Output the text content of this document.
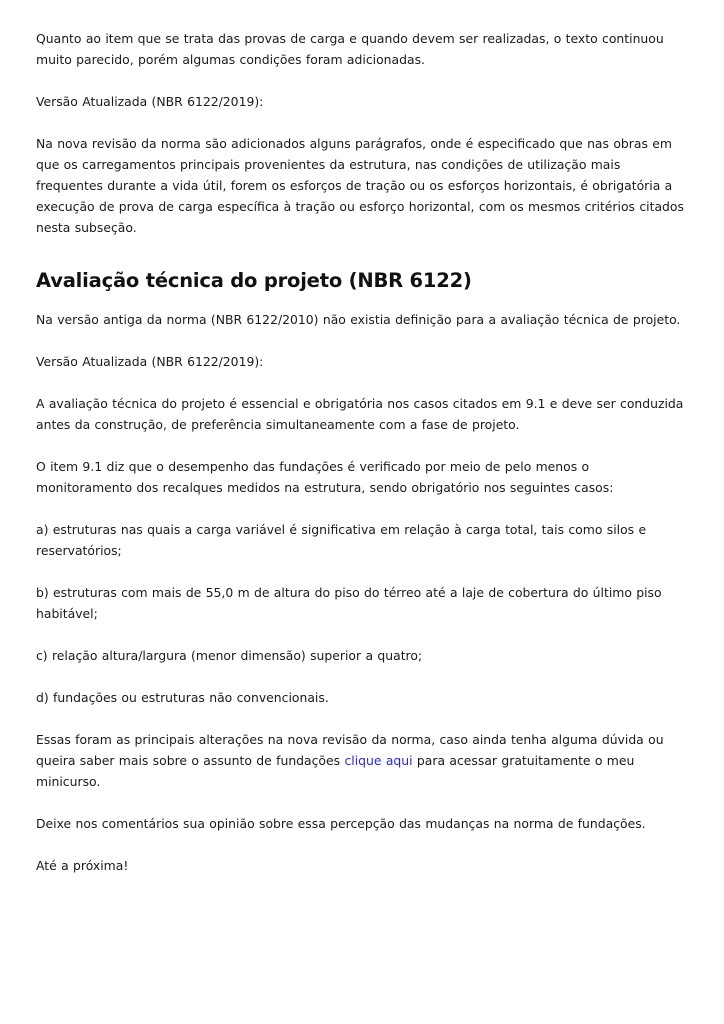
Quanto ao item que se trata das provas de carga e quando devem ser realizadas, o texto continuou muito parecido, porém algumas condições foram adicionadas.

Versão Atualizada (NBR 6122/2019):

Na nova revisão da norma são adicionados alguns parágrafos, onde é especificado que nas obras em que os carregamentos principais provenientes da estrutura, nas condições de utilização mais frequentes durante a vida útil, forem os esforços de tração ou os esforços horizontais, é obrigatória a execução de prova de carga específica à tração ou esforço horizontal, com os mesmos critérios citados nesta subseção.

Avaliação técnica do projeto (NBR 6122)

Na versão antiga da norma (NBR 6122/2010) não existia definição para a avaliação técnica de projeto.

Versão Atualizada (NBR 6122/2019):

A avaliação técnica do projeto é essencial e obrigatória nos casos citados em 9.1 e deve ser conduzida antes da construção, de preferência simultaneamente com a fase de projeto.

O item 9.1 diz que o desempenho das fundações é verificado por meio de pelo menos o monitoramento dos recalques medidos na estrutura, sendo obrigatório nos seguintes casos:

a) estruturas nas quais a carga variável é significativa em relação à carga total, tais como silos e reservatórios;

b) estruturas com mais de 55,0 m de altura do piso do térreo até a laje de cobertura do último piso habitável;

c) relação altura/largura (menor dimensão) superior a quatro;

d) fundações ou estruturas não convencionais.

Essas foram as principais alterações na nova revisão da norma, caso ainda tenha alguma dúvida ou queira saber mais sobre o assunto de fundações clique aqui para acessar gratuitamente o meu minicurso.

Deixe nos comentários sua opinião sobre essa percepção das mudanças na norma de fundações.

Até a próxima!
